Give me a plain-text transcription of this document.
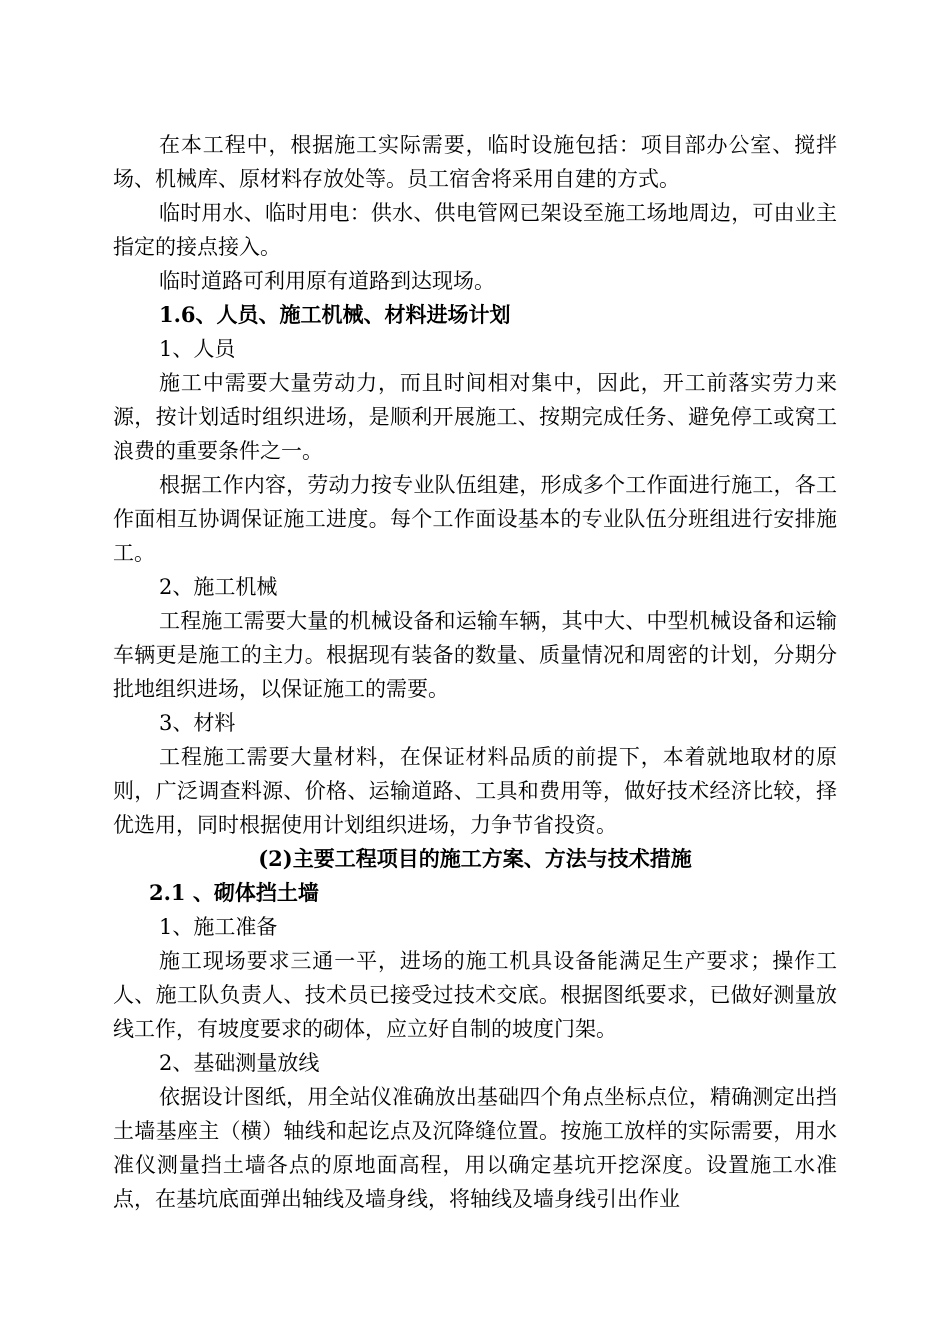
在本工程中，根据施工实际需要，临时设施包括：项目部办公室、搅拌场、机械库、原材料存放处等。员工宿舍将采用自建的方式。

临时用水、临时用电：供水、供电管网已架设至施工场地周边，可由业主指定的接点接入。

临时道路可利用原有道路到达现场。

1.6、人员、施工机械、材料进场计划

1、人员

施工中需要大量劳动力，而且时间相对集中，因此，开工前落实劳力来源，按计划适时组织进场，是顺利开展施工、按期完成任务、避免停工或窝工浪费的重要条件之一。

根据工作内容，劳动力按专业队伍组建，形成多个工作面进行施工，各工作面相互协调保证施工进度。每个工作面设基本的专业队伍分班组进行安排施工。

2、施工机械

工程施工需要大量的机械设备和运输车辆，其中大、中型机械设备和运输车辆更是施工的主力。根据现有装备的数量、质量情况和周密的计划，分期分批地组织进场，以保证施工的需要。

3、材料

工程施工需要大量材料，在保证材料品质的前提下，本着就地取材的原则，广泛调查料源、价格、运输道路、工具和费用等，做好技术经济比较，择优选用，同时根据使用计划组织进场，力争节省投资。

(2)主要工程项目的施工方案、方法与技术措施

2.1 、砌体挡土墙

1、施工准备

施工现场要求三通一平，进场的施工机具设备能满足生产要求；操作工人、施工队负责人、技术员已接受过技术交底。根据图纸要求，已做好测量放线工作，有坡度要求的砌体，应立好自制的坡度门架。

2、基础测量放线

依据设计图纸，用全站仪准确放出基础四个角点坐标点位，精确测定出挡土墙基座主（横）轴线和起讫点及沉降缝位置。按施工放样的实际需要，用水准仪测量挡土墙各点的原地面高程，用以确定基坑开挖深度。设置施工水准点，在基坑底面弹出轴线及墙身线，将轴线及墙身线引出作业
